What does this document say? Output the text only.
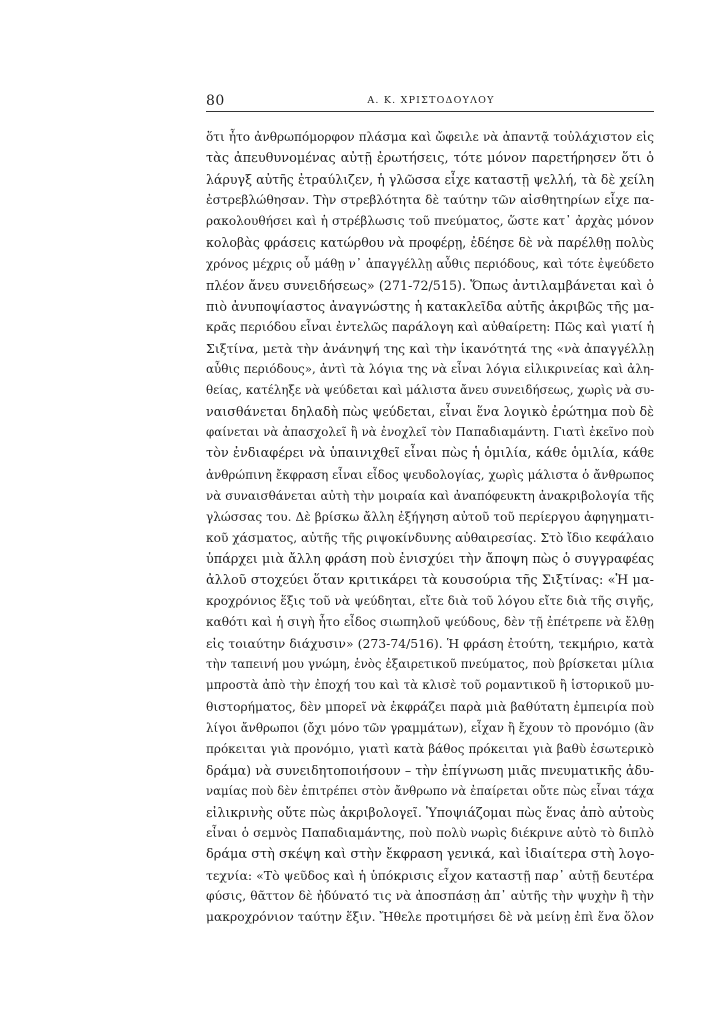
80	Α. Κ. ΧΡΙΣΤΟΔΟΥΛΟΥ
ὅτι ἦτο ἀνθρωπόμορφον πλάσμα καὶ ὤφειλε νὰ ἀπαντᾷ τοὐλάχιστον εἰς
τὰς ἀπευθυνομένας αὐτῇ ἐρωτήσεις, τότε μόνον παρετήρησεν ὅτι ὁ
λάρυγξ αὐτῆς ἐτραύλιζεν, ἡ γλῶσσα εἶχε καταστῇ ψελλή, τὰ δὲ χείλη
ἐστρεβλώθησαν. Τὴν στρεβλότητα δὲ ταύτην τῶν αἰσθητηρίων εἶχε πα-
ρακολουθήσει καὶ ἡ στρέβλωσις τοῦ πνεύματος, ὥστε κατ᾽ ἀρχὰς μόνον
κολοβὰς φράσεις κατώρθου νὰ προφέρῃ, ἐδέησε δὲ νὰ παρέλθῃ πολὺς
χρόνος μέχρις οὗ μάθῃ ν᾽ ἀπαγγέλλῃ αὖθις περιόδους, καὶ τότε ἐψεύδετο
πλέον ἄνευ συνειδήσεως» (271-72/515). Ὅπως ἀντιλαμβάνεται καὶ ὁ
πιὸ ἀνυποψίαστος ἀναγνώστης ἡ κατακλεῖδα αὐτῆς ἀκριβῶς τῆς μα-
κρᾶς περιόδου εἶναι ἐντελῶς παράλογη καὶ αὐθαίρετη: Πῶς καὶ γιατί ἡ
Σιξτίνα, μετὰ τὴν ἀνάνηψή της καὶ τὴν ἱκανότητά της «νὰ ἀπαγγέλλῃ
αὖθις περιόδους», ἀντὶ τὰ λόγια της νὰ εἶναι λόγια εἰλικρινείας καὶ ἀλη-
θείας, κατέληξε νὰ ψεύδεται καὶ μάλιστα ἄνευ συνειδήσεως, χωρὶς νὰ συ-
ναισθάνεται δηλαδὴ πὼς ψεύδεται, εἶναι ἕνα λογικὸ ἐρώτημα ποὺ δὲ
φαίνεται νὰ ἀπασχολεῖ ἢ νὰ ἐνοχλεῖ τὸν Παπαδιαμάντη. Γιατὶ ἐκεῖνο ποὺ
τὸν ἐνδιαφέρει νὰ ὑπαινιχθεῖ εἶναι πὼς ἡ ὁμιλία, κάθε ὁμιλία, κάθε
ἀνθρώπινη ἔκφραση εἶναι εἶδος ψευδολογίας, χωρὶς μάλιστα ὁ ἄνθρωπος
νὰ συναισθάνεται αὐτὴ τὴν μοιραία καὶ ἀναπόφευκτη ἀνακριβολογία τῆς
γλώσσας του. Δὲ βρίσκω ἄλλη ἐξήγηση αὐτοῦ τοῦ περίεργου ἀφηγηματι-
κοῦ χάσματος, αὐτῆς τῆς ριψοκίνδυνης αὐθαιρεσίας. Στὸ ἴδιο κεφάλαιο
ὑπάρχει μιὰ ἄλλη φράση ποὺ ἐνισχύει τὴν ἄποψη πὼς ὁ συγγραφέας
ἀλλοῦ στοχεύει ὅταν κριτικάρει τὰ κουσούρια τῆς Σιξτίνας: «Ἡ μα-
κροχρόνιος ἕξις τοῦ νὰ ψεύδηται, εἴτε διὰ τοῦ λόγου εἴτε διὰ τῆς σιγῆς,
καθότι καὶ ἡ σιγὴ ἦτο εἶδος σιωπηλοῦ ψεύδους, δὲν τῇ ἐπέτρεπε νὰ ἔλθῃ
εἰς τοιαύτην διάχυσιν» (273-74/516). Ἡ φράση ἐτούτη, τεκμήριο, κατὰ
τὴν ταπεινή μου γνώμη, ἑνὸς ἐξαιρετικοῦ πνεύματος, ποὺ βρίσκεται μίλια
μπροστὰ ἀπὸ τὴν ἐποχή του καὶ τὰ κλισὲ τοῦ ρομαντικοῦ ἢ ἱστορικοῦ μυ-
θιστορήματος, δὲν μπορεῖ νὰ ἐκφράζει παρὰ μιὰ βαθύτατη ἐμπειρία ποὺ
λίγοι ἄνθρωποι (ὄχι μόνο τῶν γραμμάτων), εἶχαν ἢ ἔχουν τὸ προνόμιο (ἂν
πρόκειται γιὰ προνόμιο, γιατὶ κατὰ βάθος πρόκειται γιὰ βαθὺ ἐσωτερικὸ
δράμα) νὰ συνειδητοποιήσουν – τὴν ἐπίγνωση μιᾶς πνευματικῆς ἀδυ-
ναμίας ποὺ δὲν ἐπιτρέπει στὸν ἄνθρωπο νὰ ἐπαίρεται οὔτε πὼς εἶναι τάχα
εἰλικρινὴς οὔτε πὼς ἀκριβολογεῖ. Ὑποψιάζομαι πὼς ἕνας ἀπὸ αὐτοὺς
εἶναι ὁ σεμνὸς Παπαδιαμάντης, ποὺ πολὺ νωρὶς διέκρινε αὐτὸ τὸ διπλὸ
δράμα στὴ σκέψη καὶ στὴν ἔκφραση γενικά, καὶ ἰδιαίτερα στὴ λογο-
τεχνία: «Τὸ ψεῦδος καὶ ἡ ὑπόκρισις εἶχον καταστῇ παρ᾽ αὐτῇ δευτέρα
φύσις, θᾶττον δὲ ἠδύνατό τις νὰ ἀποσπάσῃ ἀπ᾽ αὐτῆς τὴν ψυχὴν ἢ τὴν
μακροχρόνιον ταύτην ἕξιν. Ἤθελε προτιμήσει δὲ νὰ μείνῃ ἐπὶ ἕνα ὅλον
